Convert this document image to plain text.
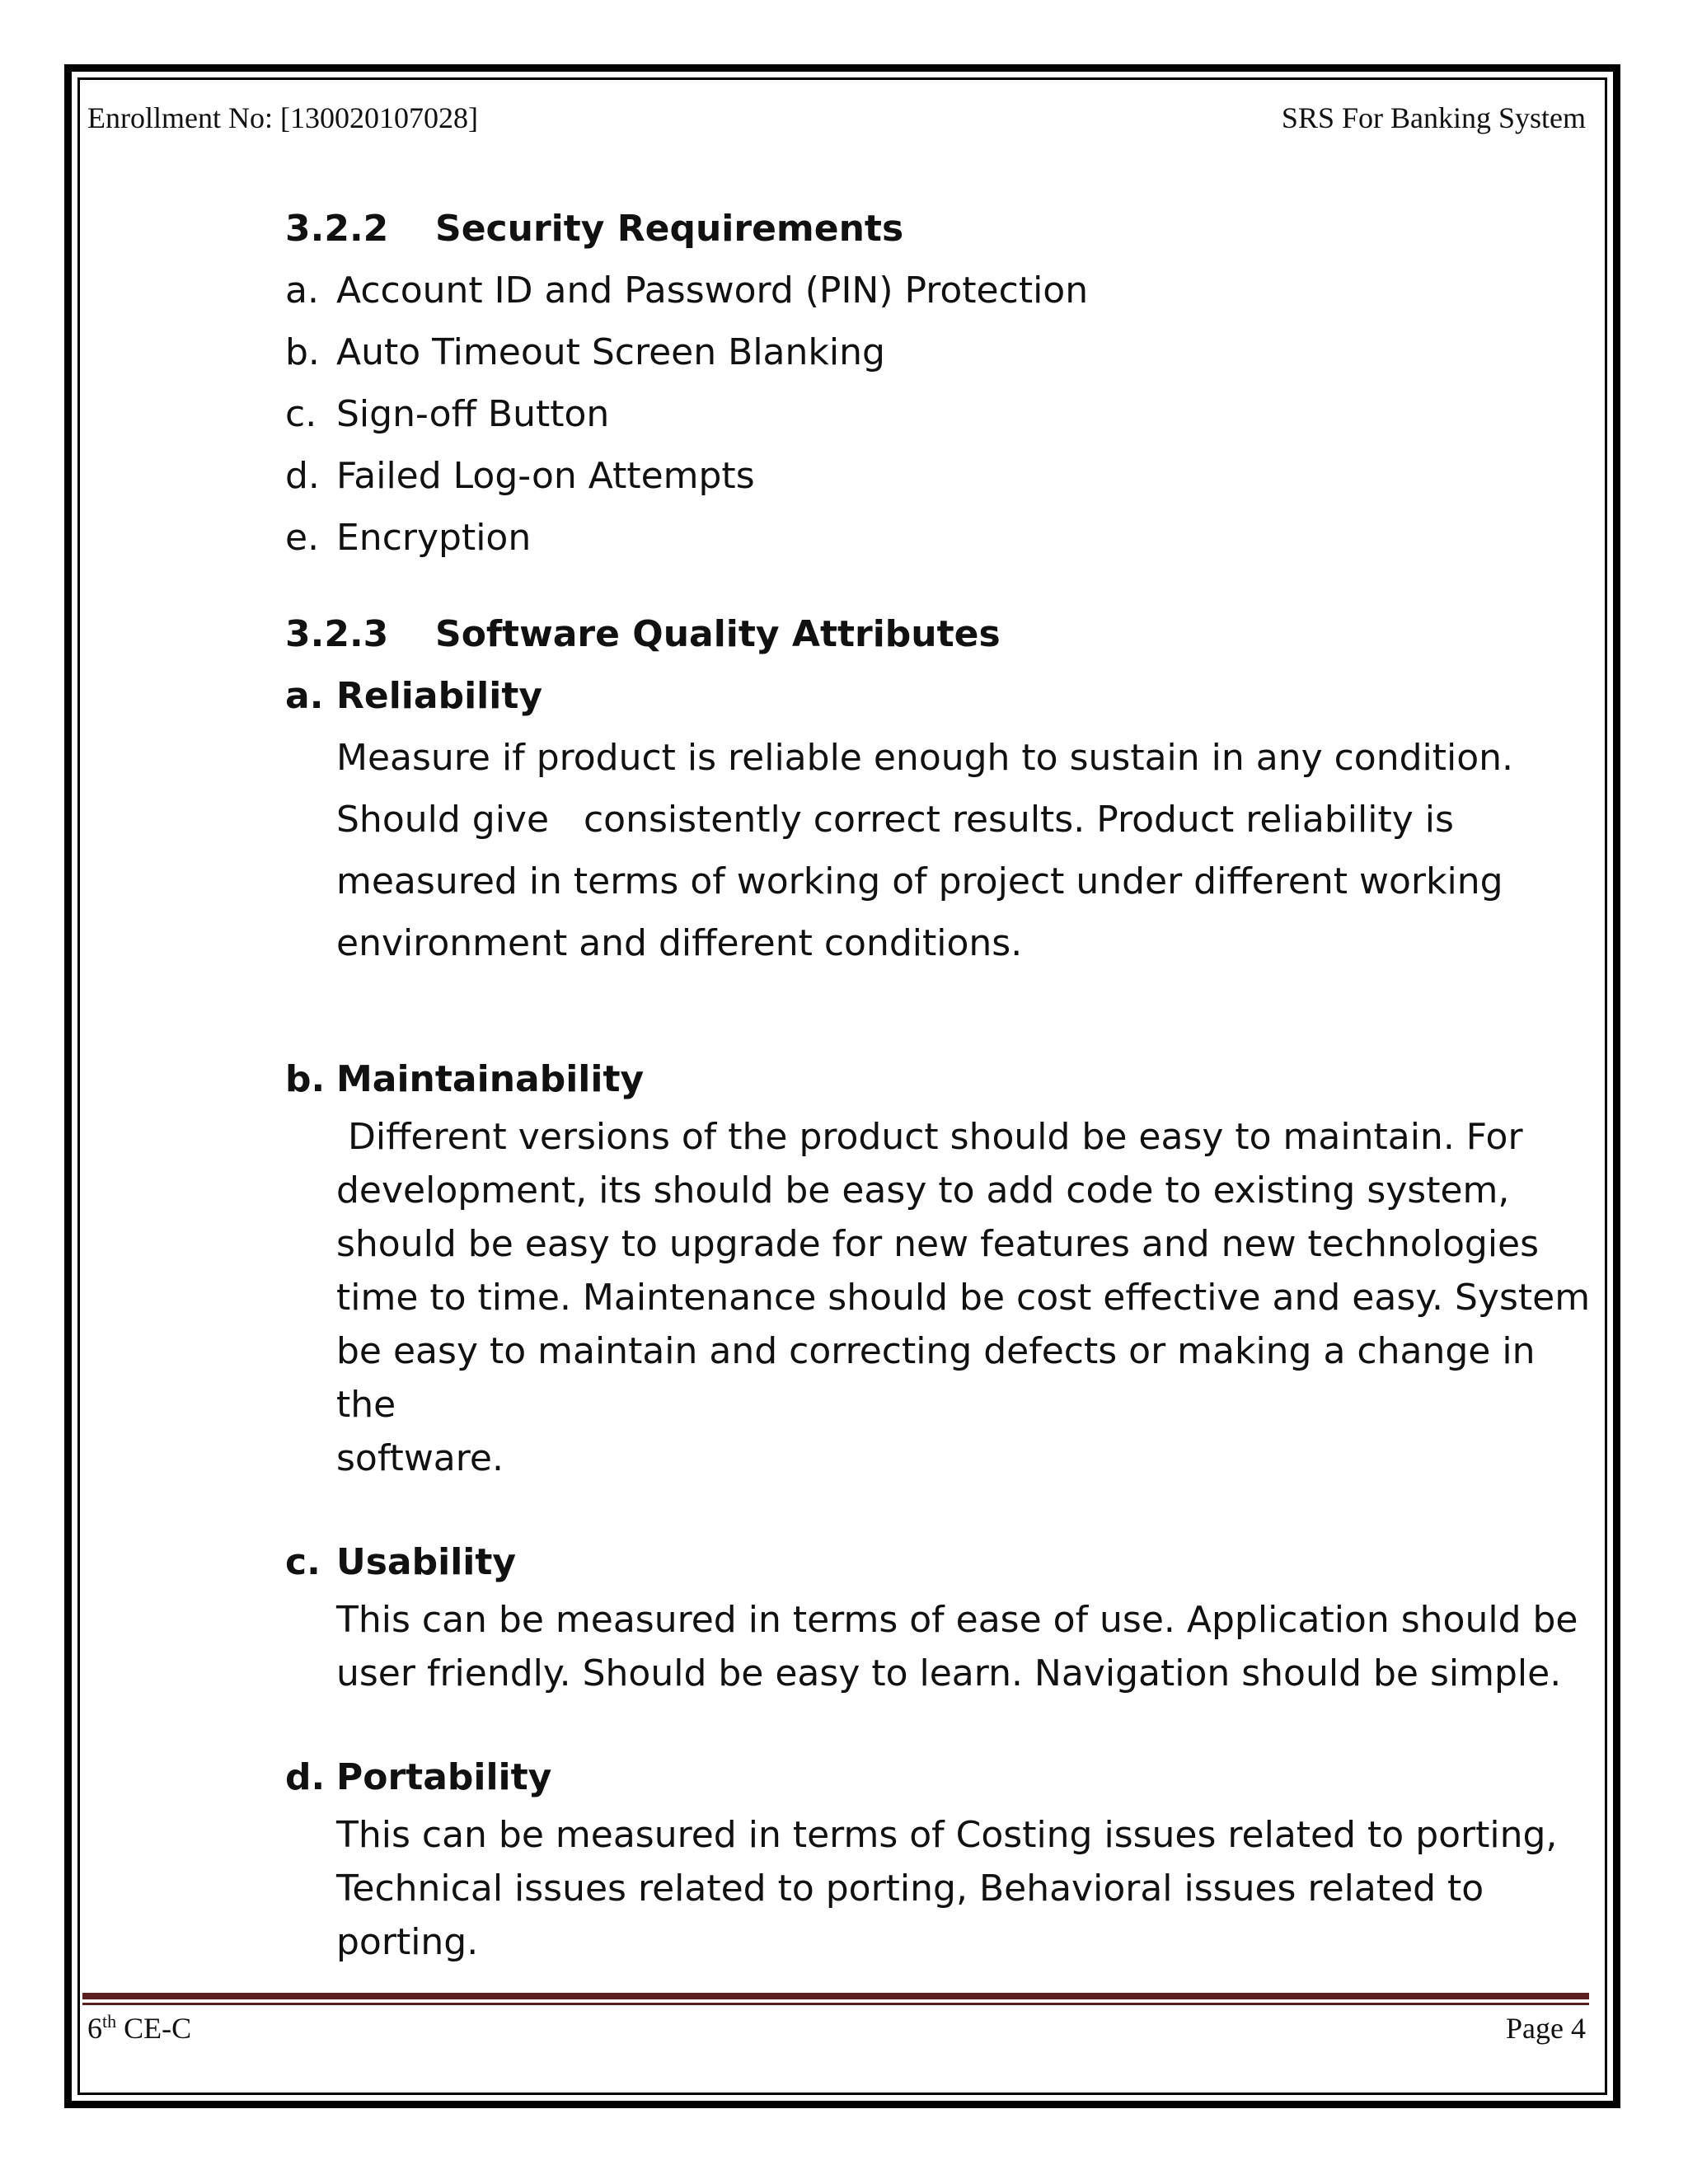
Enrollment No: [130020107028]	SRS For Banking System
3.2.2 Security Requirements
a. Account ID and Password (PIN) Protection
b. Auto Timeout Screen Blanking
c. Sign-off Button
d. Failed Log-on Attempts
e. Encryption
3.2.3 Software Quality Attributes
a. Reliability
Measure if product is reliable enough to sustain in any condition.
Should give   consistently correct results. Product reliability is
measured in terms of working of project under different working
environment and different conditions.
b. Maintainability
Different versions of the product should be easy to maintain. For
development, its should be easy to add code to existing system,
should be easy to upgrade for new features and new technologies
time to time. Maintenance should be cost effective and easy. System
be easy to maintain and correcting defects or making a change in the
software.
c. Usability
This can be measured in terms of ease of use. Application should be
user friendly. Should be easy to learn. Navigation should be simple.
d. Portability
This can be measured in terms of Costing issues related to porting,
Technical issues related to porting, Behavioral issues related to
porting.
6th CE-C	Page 4
